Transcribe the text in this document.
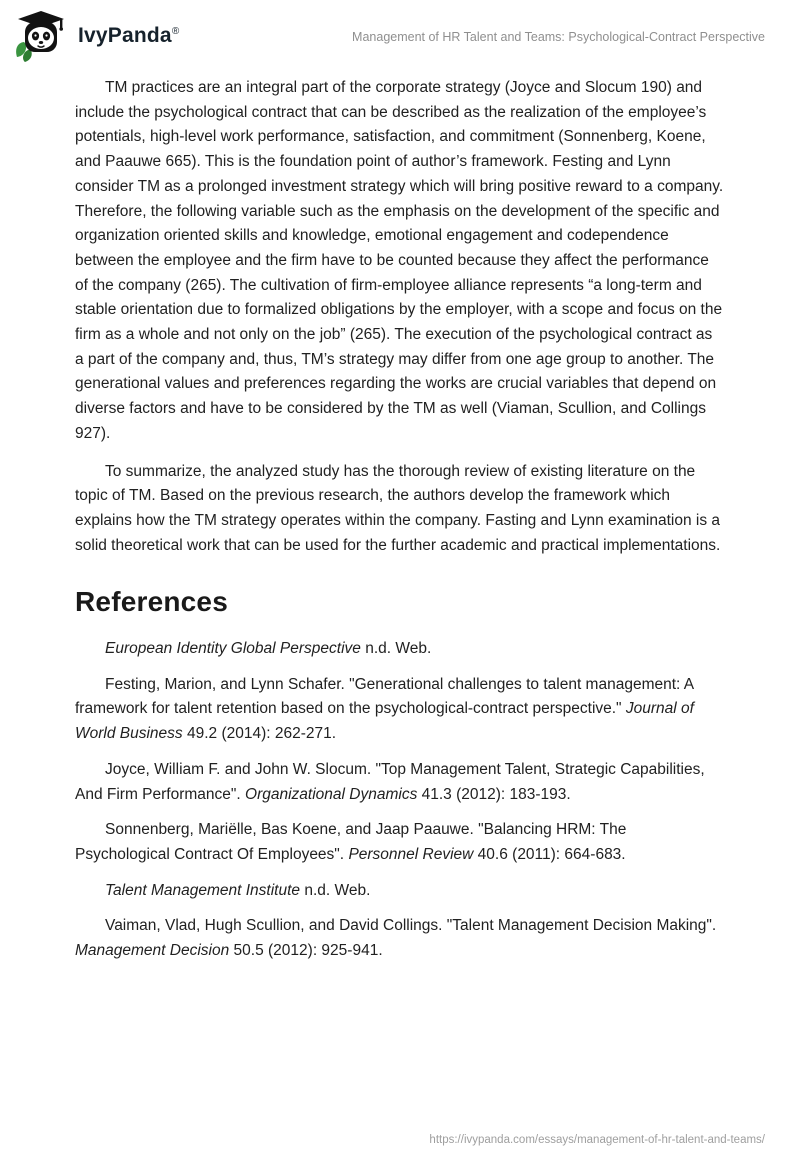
IvyPanda®	Management of HR Talent and Teams: Psychological-Contract Perspective

TM practices are an integral part of the corporate strategy (Joyce and Slocum 190) and include the psychological contract that can be described as the realization of the employee’s potentials, high-level work performance, satisfaction, and commitment (Sonnenberg, Koene, and Paauwe 665). This is the foundation point of author’s framework. Festing and Lynn consider TM as a prolonged investment strategy which will bring positive reward to a company. Therefore, the following variable such as the emphasis on the development of the specific and organization oriented skills and knowledge, emotional engagement and codependence between the employee and the firm have to be counted because they affect the performance of the company (265). The cultivation of firm-employee alliance represents “a long-term and stable orientation due to formalized obligations by the employer, with a scope and focus on the firm as a whole and not only on the job” (265). The execution of the psychological contract as a part of the company and, thus, TM’s strategy may differ from one age group to another. The generational values and preferences regarding the works are crucial variables that depend on diverse factors and have to be considered by the TM as well (Viaman, Scullion, and Collings 927).

To summarize, the analyzed study has the thorough review of existing literature on the topic of TM. Based on the previous research, the authors develop the framework which explains how the TM strategy operates within the company. Fasting and Lynn examination is a solid theoretical work that can be used for the further academic and practical implementations.

References

European Identity Global Perspective n.d. Web.

Festing, Marion, and Lynn Schafer. "Generational challenges to talent management: A framework for talent retention based on the psychological-contract perspective." Journal of World Business 49.2 (2014): 262-271.

Joyce, William F. and John W. Slocum. "Top Management Talent, Strategic Capabilities, And Firm Performance". Organizational Dynamics 41.3 (2012): 183-193.

Sonnenberg, Mariëlle, Bas Koene, and Jaap Paauwe. "Balancing HRM: The Psychological Contract Of Employees". Personnel Review 40.6 (2011): 664-683.

Talent Management Institute n.d. Web.

Vaiman, Vlad, Hugh Scullion, and David Collings. "Talent Management Decision Making". Management Decision 50.5 (2012): 925-941.

https://ivypanda.com/essays/management-of-hr-talent-and-teams/
